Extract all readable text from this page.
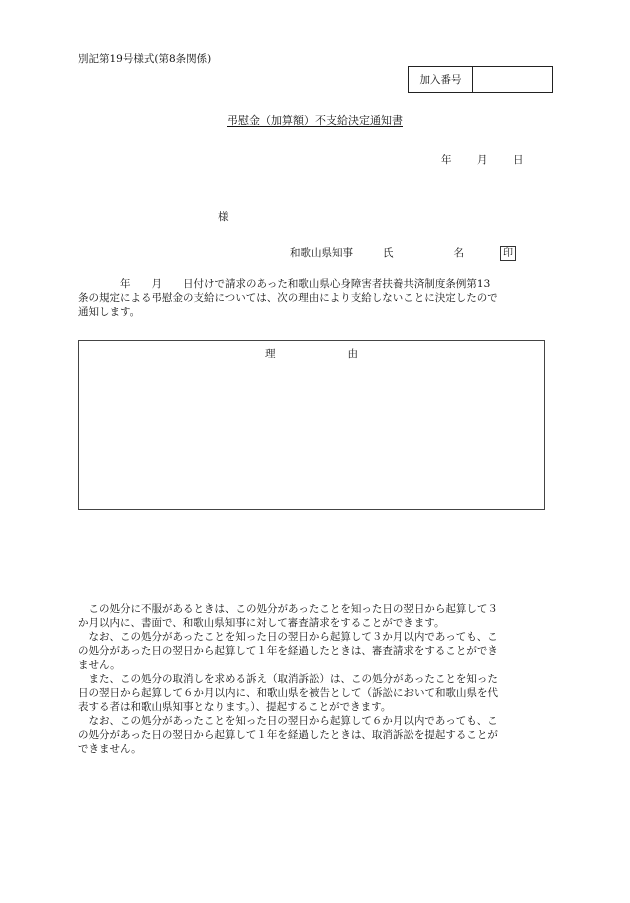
別記第19号様式(第8条関係)
加入番号
弔慰金（加算額）不支給決定通知書
年 月 日
様
和歌山県知事	氏	名	印

　　　　年　　月　　日付けで請求のあった和歌山県心身障害者扶養共済制度条例第13

条の規定による弔慰金の支給については、次の理由により支給しないことに決定したので

通知します。

理	由

　この処分に不服があるときは、この処分があったことを知った日の翌日から起算して３

か月以内に、書面で、和歌山県知事に対して審査請求をすることができます。

　なお、この処分があったことを知った日の翌日から起算して３か月以内であっても、こ

の処分があった日の翌日から起算して１年を経過したときは、審査請求をすることができ

ません。

　また、この処分の取消しを求める訴え（取消訴訟）は、この処分があったことを知った

日の翌日から起算して６か月以内に、和歌山県を被告として（訴訟において和歌山県を代

表する者は和歌山県知事となります。）、提起することができます。

　なお、この処分があったことを知った日の翌日から起算して６か月以内であっても、こ

の処分があった日の翌日から起算して１年を経過したときは、取消訴訟を提起することが

できません。
